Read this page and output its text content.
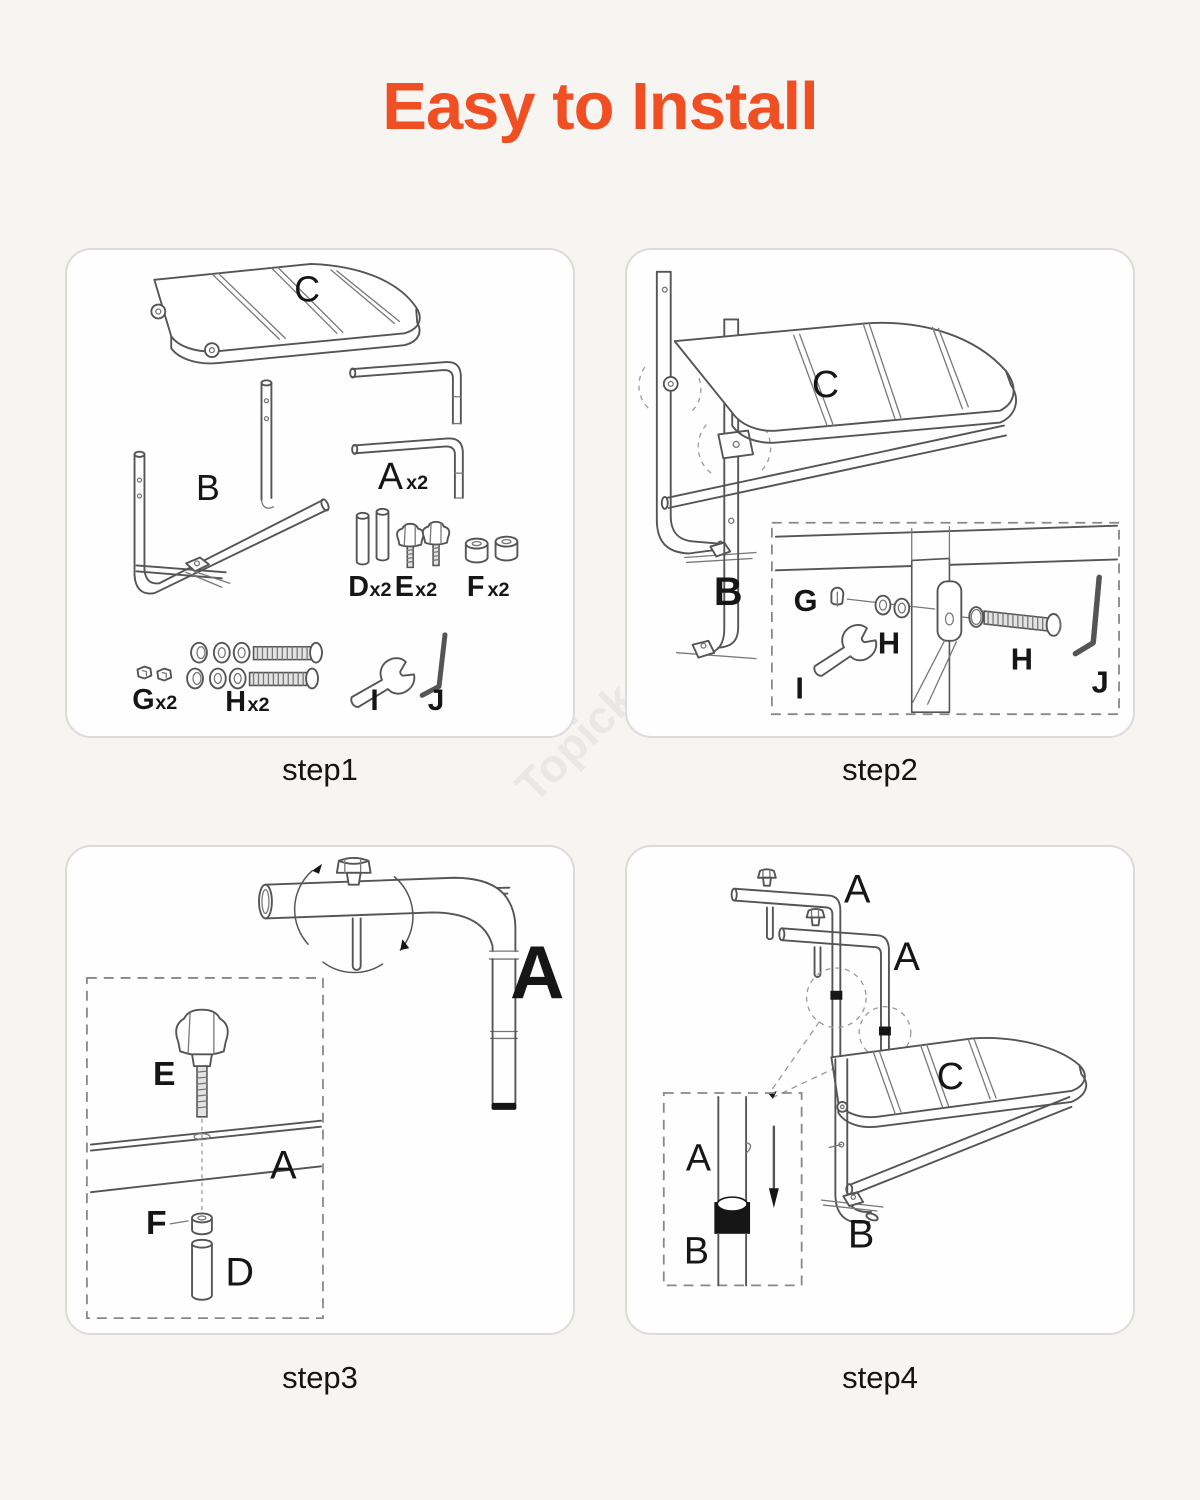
Easy to Install
Topicker
C
B	A x2
D x2 E x2 F x2
G x2 H x2	I J
C
B G
H	H
I	J
A
E
A
F
D
A
A
C
B
A
B
step1	step2
step3	step4
